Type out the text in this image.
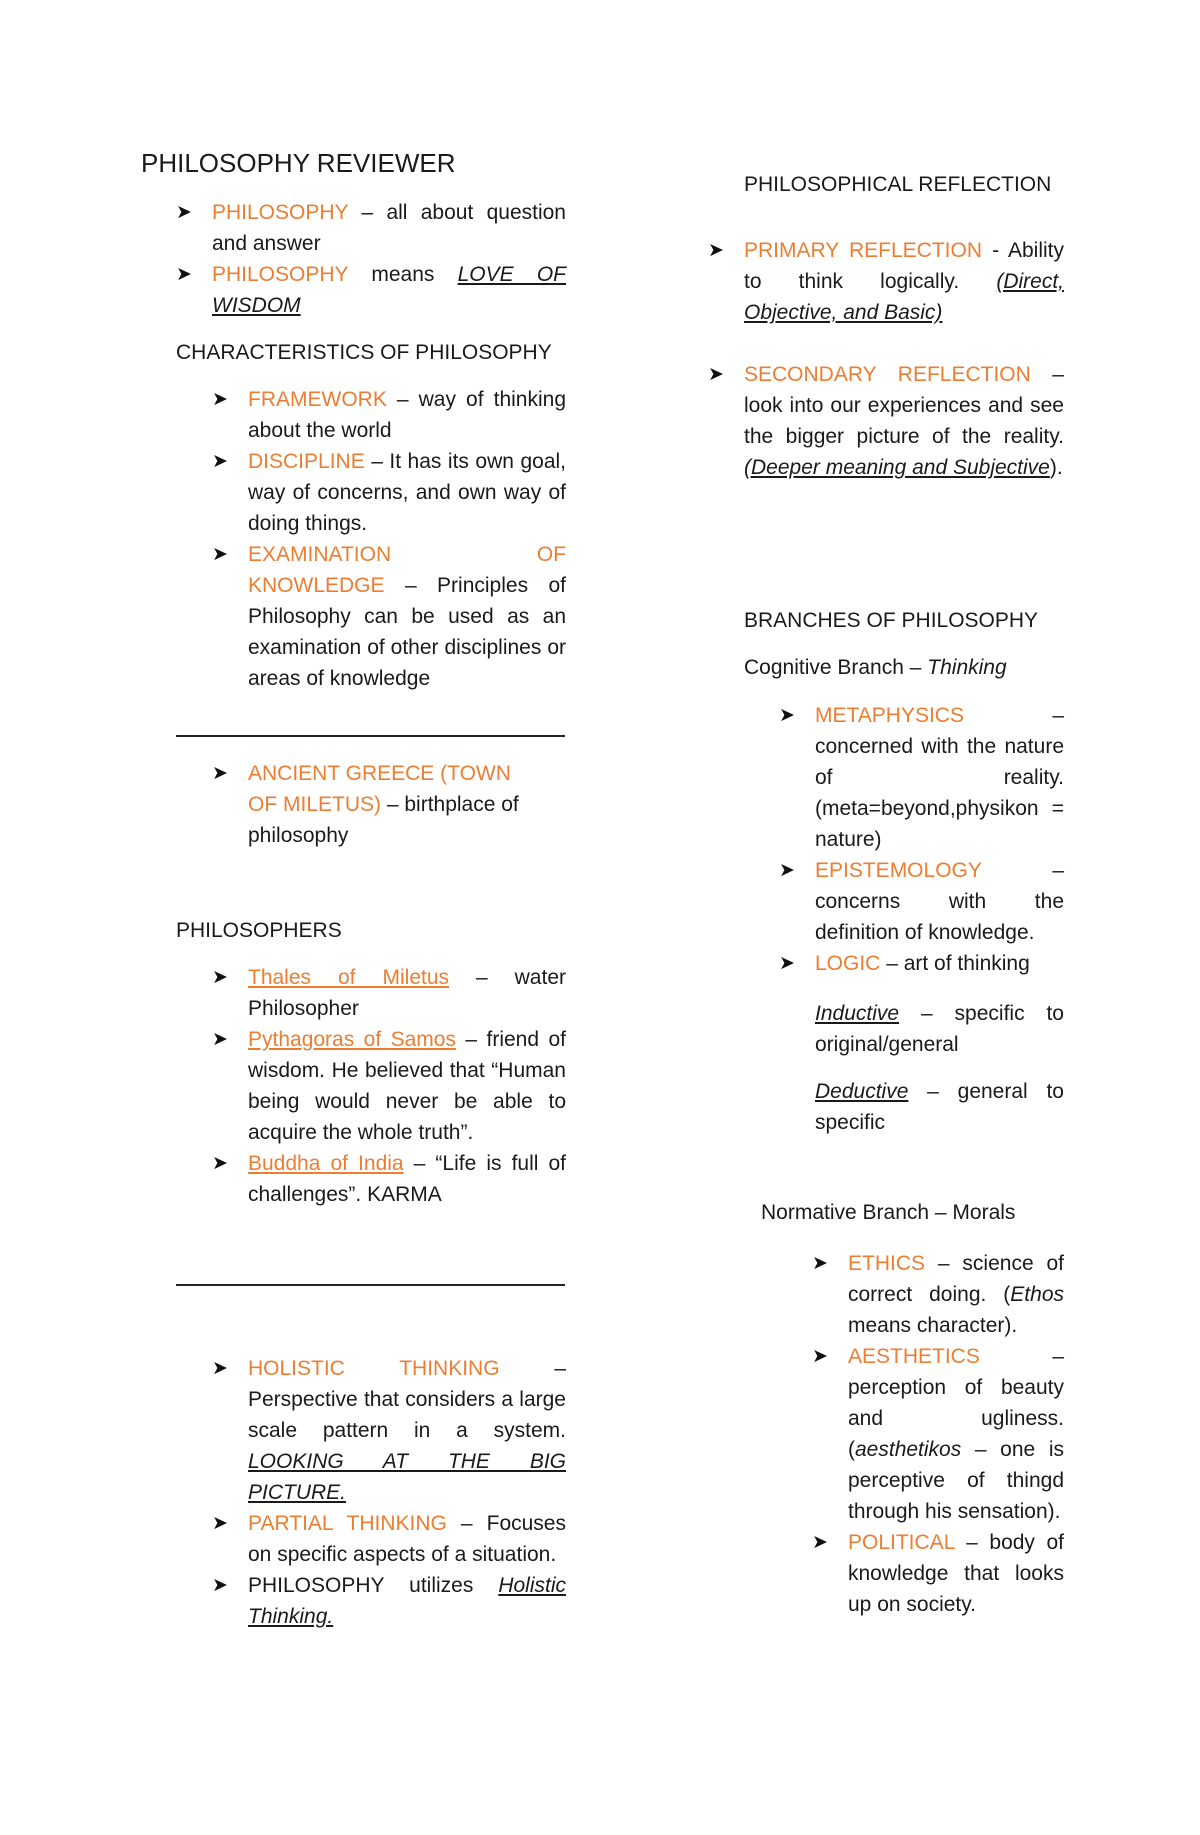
PHILOSOPHY REVIEWER
➤ PHILOSOPHY – all about question and answer
➤ PHILOSOPHY means LOVE OF WISDOM
CHARACTERISTICS OF PHILOSOPHY
➤ FRAMEWORK – way of thinking about the world
➤ DISCIPLINE – It has its own goal, way of concerns, and own way of doing things.
➤ EXAMINATION OF KNOWLEDGE – Principles of Philosophy can be used as an examination of other disciplines or areas of knowledge
➤ ANCIENT GREECE (TOWN OF MILETUS) – birthplace of philosophy
PHILOSOPHERS
➤ Thales of Miletus – water Philosopher
➤ Pythagoras of Samos – friend of wisdom. He believed that “Human being would never be able to acquire the whole truth”.
➤ Buddha of India – “Life is full of challenges”. KARMA
➤ HOLISTIC THINKING – Perspective that considers a large scale pattern in a system. LOOKING AT THE BIG PICTURE.
➤ PARTIAL THINKING – Focuses on specific aspects of a situation.
➤ PHILOSOPHY utilizes Holistic Thinking.
PHILOSOPHICAL REFLECTION
➤ PRIMARY REFLECTION - Ability to think logically. (Direct, Objective, and Basic)
➤ SECONDARY REFLECTION – look into our experiences and see the bigger picture of the reality. (Deeper meaning and Subjective).
BRANCHES OF PHILOSOPHY
Cognitive Branch – Thinking
➤ METAPHYSICS – concerned with the nature of reality. (meta=beyond,physikon = nature)
➤ EPISTEMOLOGY – concerns with the definition of knowledge.
➤ LOGIC – art of thinking
Inductive – specific to original/general
Deductive – general to specific
Normative Branch – Morals
➤ ETHICS – science of correct doing. (Ethos means character).
➤ AESTHETICS – perception of beauty and ugliness. (aesthetikos – one is perceptive of thingd through his sensation).
➤ POLITICAL – body of knowledge that looks up on society.
